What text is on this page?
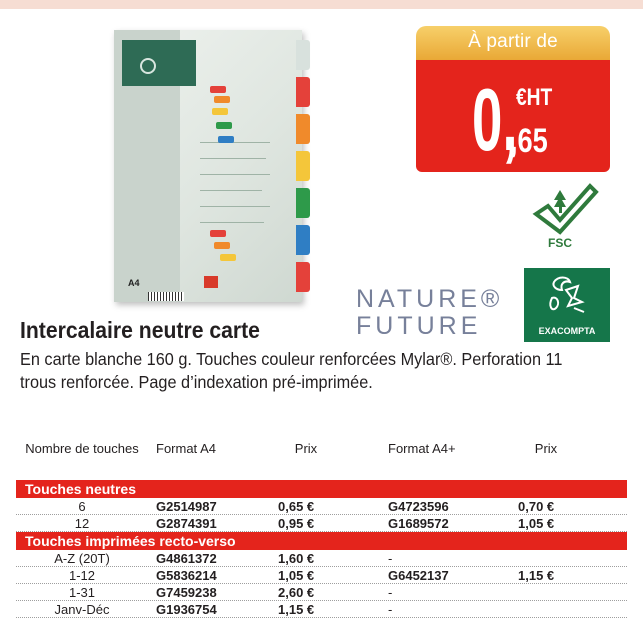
A4
À partir de
0,
€HT
,65
FSC
NATURE®
FUTURE	EXACOMPTA
Intercalaire neutre carte
En carte blanche 160 g. Touches couleur renforcées Mylar®. Perforation 11 trous renforcée. Page d’indexation pré-imprimée.
Nombre de touches	Format A4	Prix	Format A4+	Prix
Touches neutres
6	G2514987	0,65 €	G4723596	0,70 €
12	G2874391	0,95 €	G1689572	1,05 €
Touches imprimées recto-verso
A-Z (20T)	G4861372	1,60 €	-
1-12	G5836214	1,05 €	G6452137	1,15 €
1-31	G7459238	2,60 €	-
Janv-Déc	G1936754	1,15 €	-
